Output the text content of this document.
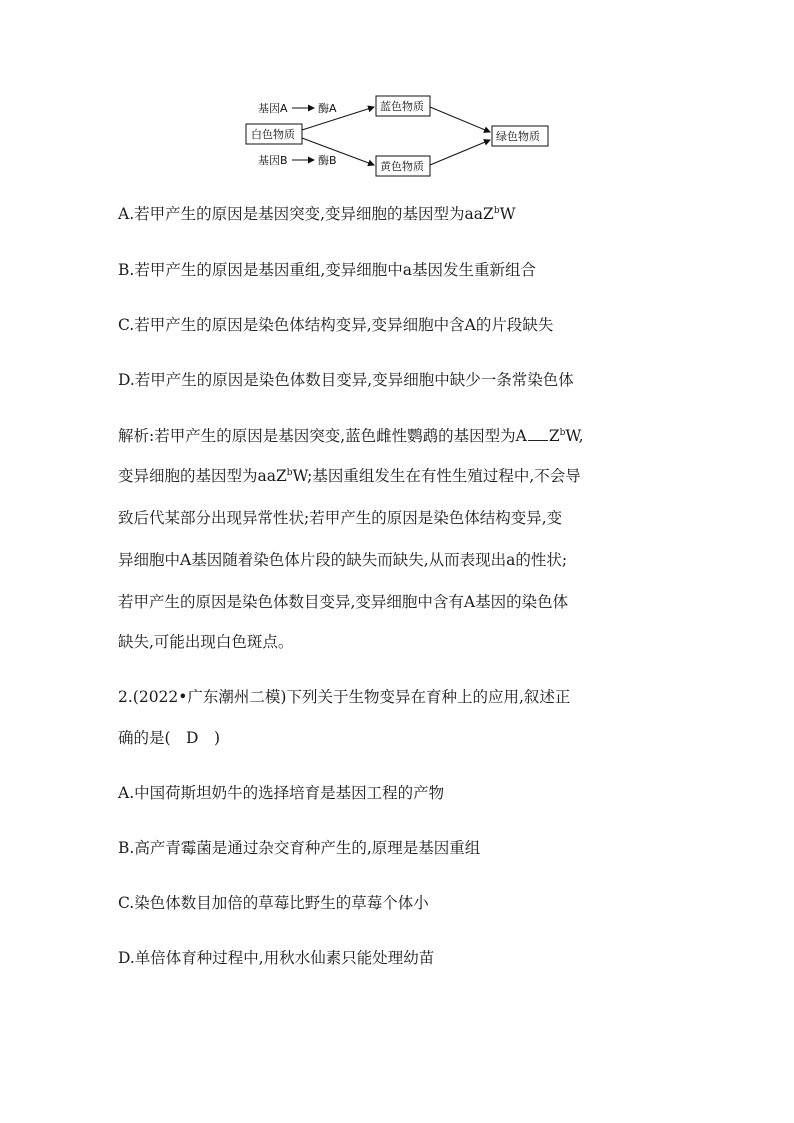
基因A	酶A
白色物质
基因B	酶B
蓝色物质
黄色物质
绿色物质
A.若甲产生的原因是基因突变,变异细胞的基因型为aaZ$^b$W
B.若甲产生的原因是基因重组,变异细胞中a基因发生重新组合
C.若甲产生的原因是染色体结构变异,变异细胞中含A的片段缺失
D.若甲产生的原因是染色体数目变异,变异细胞中缺少一条常染色体
解析:若甲产生的原因是基因突变,蓝色雌性鹦鹉的基因型为A $Z^bW$,
变异细胞的基因型为aaZ$^b$W;基因重组发生在有性生殖过程中,不会导
致后代某部分出现异常性状;若甲产生的原因是染色体结构变异,变
异细胞中A基因随着染色体片段的缺失而缺失,从而表现出a的性状;
若甲产生的原因是染色体数目变异,变异细胞中含有A基因的染色体
缺失,可能出现白色斑点。
2.(2022•广东潮州二模)下列关于生物变异在育种上的应用,叙述正
确的是(　D　)
A.中国荷斯坦奶牛的选择培育是基因工程的产物
B.高产青霉菌是通过杂交育种产生的,原理是基因重组
C.染色体数目加倍的草莓比野生的草莓个体小
D.单倍体育种过程中,用秋水仙素只能处理幼苗
